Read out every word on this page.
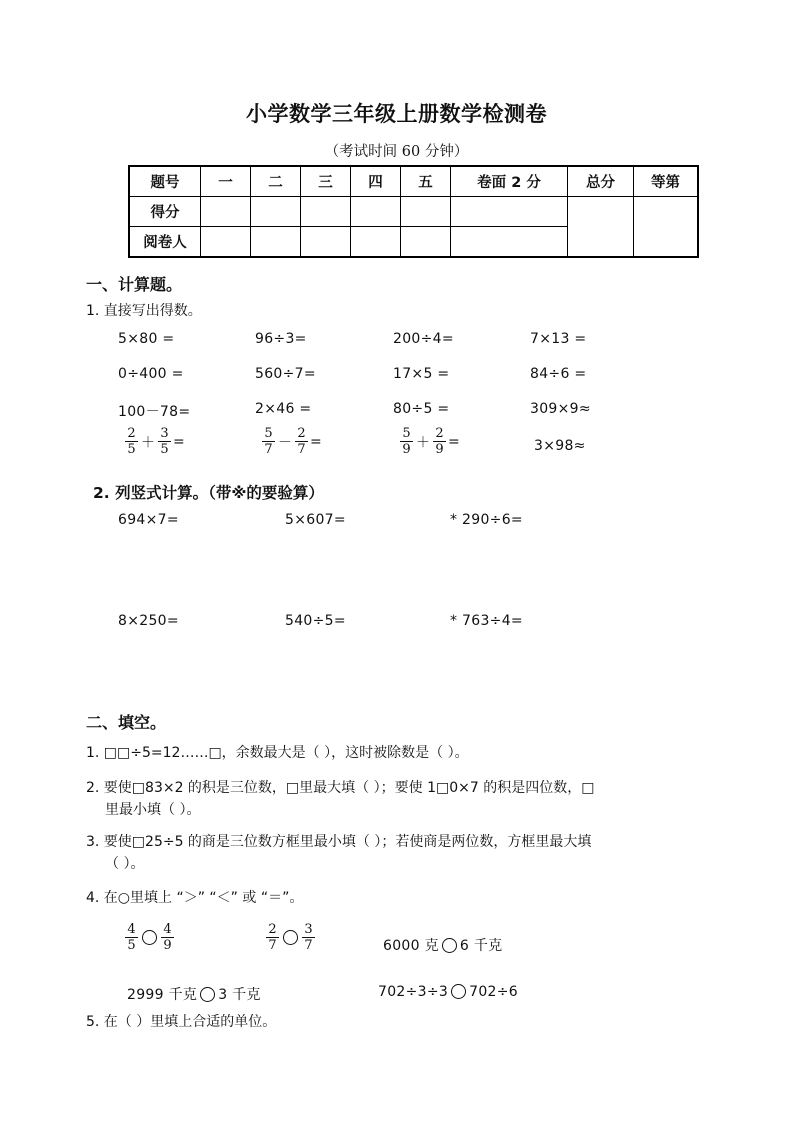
小学数学三年级上册数学检测卷
（考试时间 60 分钟）
题号	一	二	三	四	五	卷面 2 分	总分	等第
得分								
阅卷人								
一、计算题。
1. 直接写出得数。
5×80 =	96÷3=	200÷4=	7×13 =
0÷400 =	560÷7=	17×5 =	84÷6 =
100－78=	2×46 =	80÷5 =	309×9≈
$\frac{2}{5} + \frac{3}{5}$ =	$\frac{5}{7} - \frac{2}{7}$ =	$\frac{5}{9} + \frac{2}{9}$ =	3×98≈
2. 列竖式计算。（带※的要验算）
694×7=	5×607=	* 290÷6=
8×250=	540÷5=	* 763÷4=
二、填空。
1. □□÷5=12……□，余数最大是（ ），这时被除数是（ ）。
2. 要使□83×2 的积是三位数，□里最大填（ ）；要使 1□0×7 的积是四位数，□
里最小填（ ）。
3. 要使□25÷5 的商是三位数方框里最小填（ ）；若使商是两位数，方框里最大填
（ ）。
4. 在○里填上 “＞” “＜” 或 “＝”。
$\frac{4}{5} \frac{4}{9}$	$\frac{2}{7} \frac{3}{7}$	6000 克 6 千克
2999 千克 3 千克	702÷3÷3 702÷6
5. 在（ ）里填上合适的单位。
